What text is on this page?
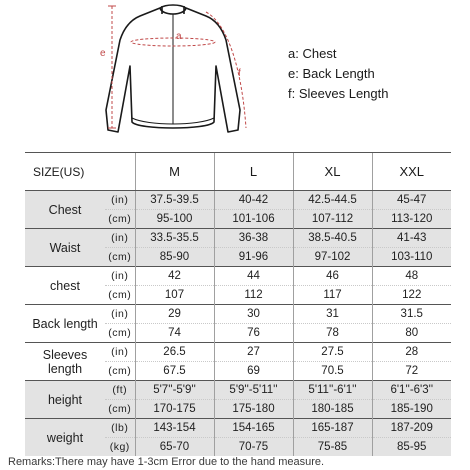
a
e
f
a: Chest
e: Back Length
f: Sleeves Length
SIZE(US)		M	L	XL	XXL
Chest	(in)	37.5-39.5	40-42	42.5-44.5	45-47
	(cm)	95-100	101-106	107-112	113-120
Waist	(in)	33.5-35.5	36-38	38.5-40.5	41-43
	(cm)	85-90	91-96	97-102	103-110
chest	(in)	42	44	46	48
	(cm)	107	112	117	122
Back length	(in)	29	30	31	31.5
	(cm)	74	76	78	80
Sleeves length	(in)	26.5	27	27.5	28
	(cm)	67.5	69	70.5	72
height	(ft)	5'7''-5'9''	5'9''-5'11''	5'11''-6'1''	6'1''-6'3''
	(cm)	170-175	175-180	180-185	185-190
weight	(lb)	143-154	154-165	165-187	187-209
	(kg)	65-70	70-75	75-85	85-95
Remarks:There may have 1-3cm Error due to the hand measure.
